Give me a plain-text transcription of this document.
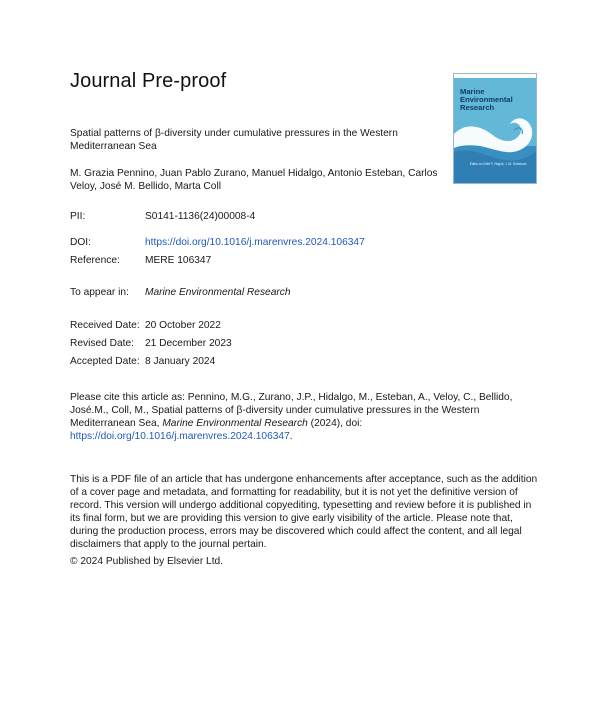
Journal Pre-proof
Spatial patterns of β-diversity under cumulative pressures in the Western Mediterranean Sea
M. Grazia Pennino, Juan Pablo Zurano, Manuel Hidalgo, Antonio Esteban, Carlos Veloy, José M. Bellido, Marta Coll
PII:	S0141-1136(24)00008-4
DOI:	https://doi.org/10.1016/j.marenvres.2024.106347
Reference: MERE 106347
To appear in: Marine Environmental Research
Received Date: 20 October 2022
Revised Date: 21 December 2023
Accepted Date: 8 January 2024
Please cite this article as: Pennino, M.G., Zurano, J.P., Hidalgo, M., Esteban, A., Veloy, C., Bellido, José.M., Coll, M., Spatial patterns of β-diversity under cumulative pressures in the Western Mediterranean Sea, Marine Environmental Research (2024), doi: https://doi.org/10.1016/j.marenvres.2024.106347.
This is a PDF file of an article that has undergone enhancements after acceptance, such as the addition of a cover page and metadata, and formatting for readability, but it is not yet the definitive version of record. This version will undergo additional copyediting, typesetting and review before it is published in its final form, but we are providing this version to give early visibility of the article. Please note that, during the production process, errors may be discovered which could affect the content, and all legal disclaimers that apply to the journal pertain.
© 2024 Published by Elsevier Ltd.
Marine Environmental Research
Editor-in-Chief F. Regoli, J. M. Sobelova
